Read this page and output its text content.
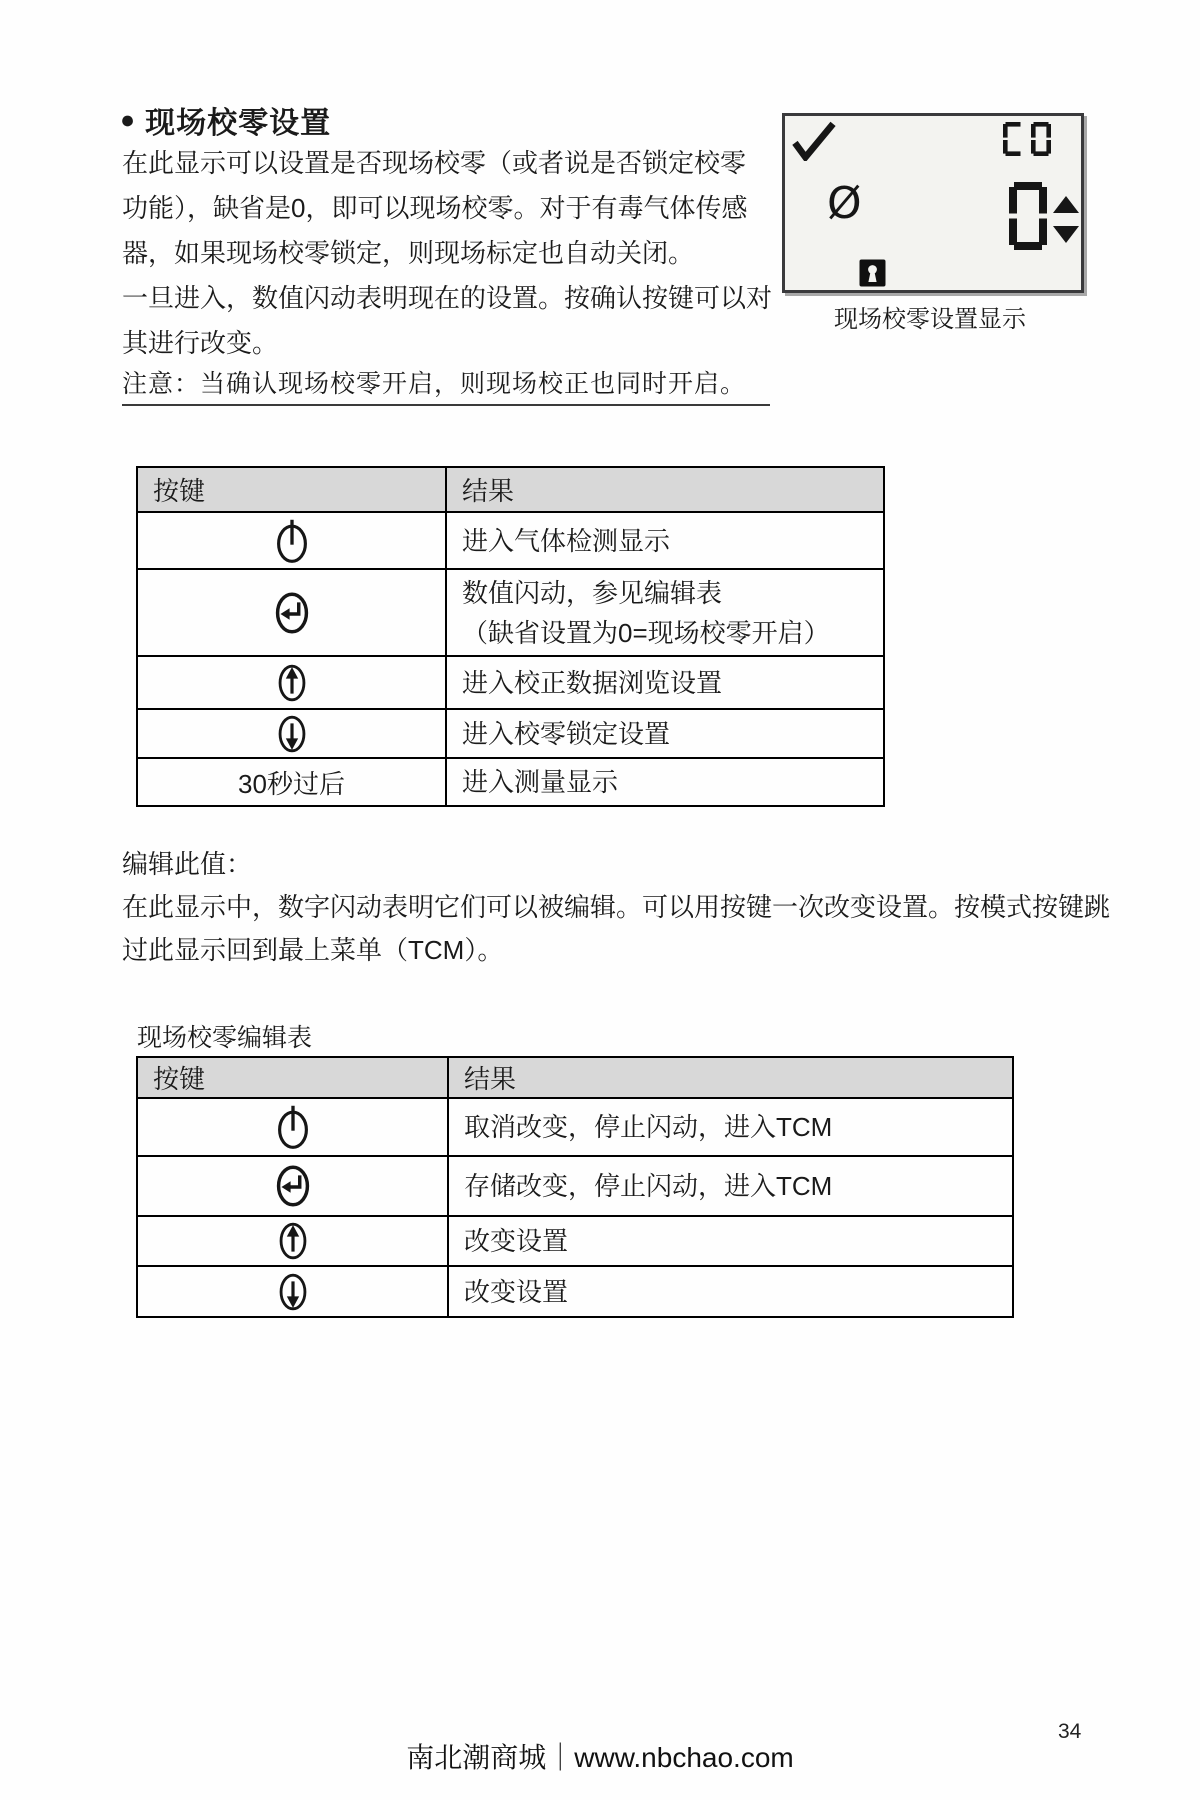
● 现场校零设置
在此显示可以设置是否现场校零（或者说是否锁定校零
功能），缺省是0，即可以现场校零。对于有毒气体传感
器，如果现场校零锁定，则现场标定也自动关闭。
一旦进入，数值闪动表明现在的设置。按确认按键可以对
其进行改变。
注意：当确认现场校零开启，则现场校正也同时开启。
Ø
现场校零设置显示
按键	结果
	进入气体检测显示

数值闪动，参见编辑表
（缺省设置为0=现场校零开启）

	进入校正数据浏览设置
	进入校零锁定设置
30秒过后	进入测量显示
编辑此值：
在此显示中，数字闪动表明它们可以被编辑。可以用按键一次改变设置。按模式按键跳
过此显示回到最上菜单（TCM）。
现场校零编辑表
按键	结果
	取消改变，停止闪动，进入TCM
	存储改变，停止闪动，进入TCM
	改变设置
	改变设置
34
南北潮商城｜www.nbchao.com
